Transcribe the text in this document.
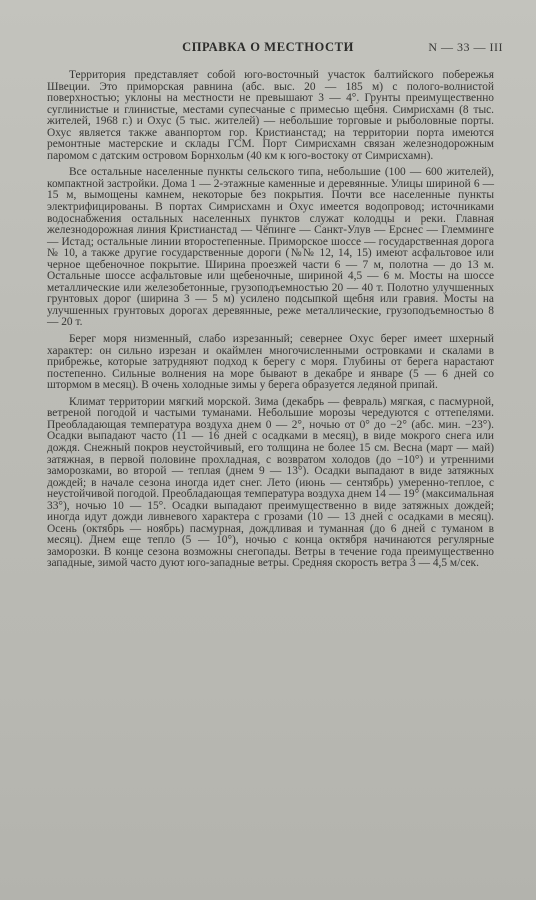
СПРАВКА О МЕСТНОСТИ	N — 33 — III

Территория представляет собой юго-восточный участок балтийского побережья Швеции. Это приморская равнина (абс. выс. 20 — 185 м) с полого-волнистой поверхностью; уклоны на местности не превышают 3 — 4°. Грунты преимущественно суглинистые и глинистые, местами супесчаные с примесью щебня. Симрисхамн (8 тыс. жителей, 1968 г.) и Охус (5 тыс. жителей) — небольшие торговые и рыболовные порты. Охус является также аванпортом гор. Кристианстад; на территории порта имеются ремонтные мастерские и склады ГСМ. Порт Симрисхамн связан железнодорожным паромом с датским островом Борнхольм (40 км к юго-востоку от Симрисхамн).

Все остальные населенные пункты сельского типа, небольшие (100 — 600 жителей), компактной застройки. Дома 1 — 2-этажные каменные и деревянные. Улицы шириной 6 — 15 м, вымощены камнем, некоторые без покрытия. Почти все населенные пункты электрифицированы. В портах Симрисхамн и Охус имеется водопровод; источниками водоснабжения остальных населенных пунктов служат колодцы и реки. Главная железнодорожная линия Кристианстад — Чёпинге — Санкт-Улув — Ерснес — Глемминге — Истад; остальные линии второстепенные. Приморское шоссе — государственная дорога № 10, а также другие государственные дороги (№№ 12, 14, 15) имеют асфальтовое или черное щебеночное покрытие. Ширина проезжей части 6 — 7 м, полотна — до 13 м. Остальные шоссе асфальтовые или щебеночные, шириной 4,5 — 6 м. Мосты на шоссе металлические или железобетонные, грузоподъемностью 20 — 40 т. Полотно улучшенных грунтовых дорог (ширина 3 — 5 м) усилено подсыпкой щебня или гравия. Мосты на улучшенных грунтовых дорогах деревянные, реже металлические, грузоподъемностью 8 — 20 т.

Берег моря низменный, слабо изрезанный; севернее Охус берег имеет шхерный характер: он сильно изрезан и окаймлен многочисленными островками и скалами в прибрежье, которые затрудняют подход к берегу с моря. Глубины от берега нарастают постепенно. Сильные волнения на море бывают в декабре и январе (5 — 6 дней со штормом в месяц). В очень холодные зимы у берега образуется ледяной припай.

Климат территории мягкий морской. Зима (декабрь — февраль) мягкая, с пасмурной, ветреной погодой и частыми туманами. Небольшие морозы чередуются с оттепелями. Преобладающая температура воздуха днем 0 — 2°, ночью от 0° до −2° (абс. мин. −23°). Осадки выпадают часто (11 — 16 дней с осадками в месяц), в виде мокрого снега или дождя. Снежный покров неустойчивый, его толщина не более 15 см. Весна (март — май) затяжная, в первой половине прохладная, с возвратом холодов (до −10°) и утренними заморозками, во второй — теплая (днем 9 — 13°). Осадки выпадают в виде затяжных дождей; в начале сезона иногда идет снег. Лето (июнь — сентябрь) умеренно-теплое, с неустойчивой погодой. Преобладающая температура воздуха днем 14 — 19° (максимальная 33°), ночью 10 — 15°. Осадки выпадают преимущественно в виде затяжных дождей; иногда идут дожди ливневого характера с грозами (10 — 13 дней с осадками в месяц). Осень (октябрь — ноябрь) пасмурная, дождливая и туманная (до 6 дней с туманом в месяц). Днем еще тепло (5 — 10°), ночью с конца октября начинаются регулярные заморозки. В конце сезона возможны снегопады. Ветры в течение года преимущественно западные, зимой часто дуют юго-западные ветры. Средняя скорость ветра 3 — 4,5 м/сек.
